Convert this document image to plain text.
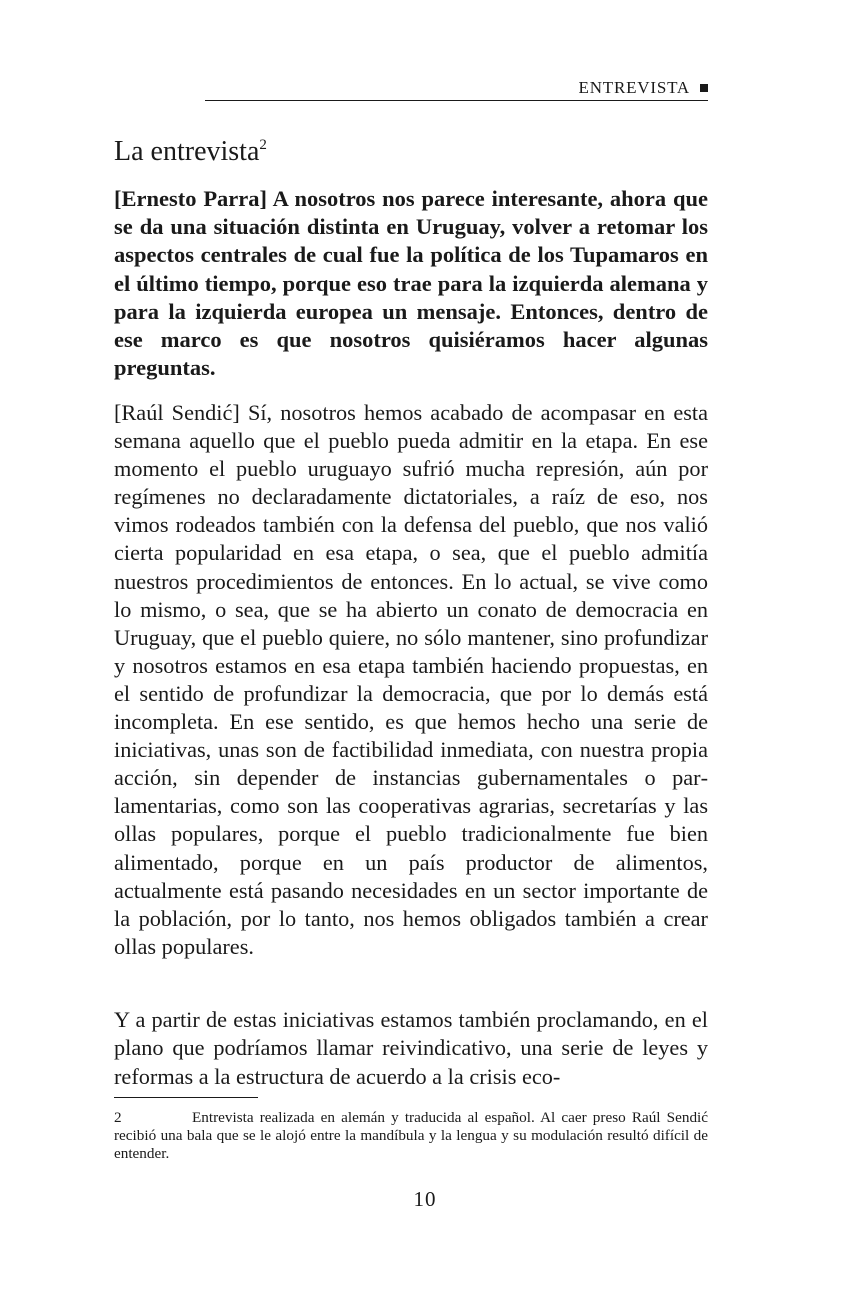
ENTREVISTA
La entrevista$^2$

[Ernesto Parra] A nosotros nos parece interesante, ahora que se da una situación distinta en Uruguay, volver a retomar los aspectos centrales de cual fue la política de los Tupamaros en el último tiempo, porque eso trae para la izquierda alemana y para la izquierda europea un mensaje. Entonces, dentro de ese marco es que nosotros quisiéramos hacer algunas preguntas.

[Raúl Sendić] Sí, nosotros hemos acabado de acompasar en esta semana aquello que el pueblo pueda admitir en la etapa. En ese momento el pueblo uruguayo sufrió mucha represión, aún por regímenes no declaradamente dictatoriales, a raíz de eso, nos vimos rodeados también con la defensa del pueblo, que nos valió cierta popularidad en esa etapa, o sea, que el pueblo admitía nuestros procedimientos de entonces. En lo actual, se vive como lo mismo, o sea, que se ha abierto un conato de democracia en Uruguay, que el pueblo quiere, no sólo mantener, sino profundizar y nosotros estamos en esa etapa también haciendo propuestas, en el sentido de profundizar la democracia, que por lo demás está incompleta. En ese sentido, es que hemos hecho una serie de iniciativas, unas son de factibilidad inmediata, con nuestra propia acción, sin depender de instancias gubernamentales o parlamentarias, como son las cooperativas agrarias, secretarías y las ollas populares, porque el pueblo tradicionalmente fue bien alimentado, porque en un país productor de alimentos, actualmente está pasando necesidades en un sector importante de la población, por lo tanto, nos hemos obligados también a crear ollas populares.

Y a partir de estas iniciativas estamos también proclamando, en el plano que podríamos llamar reivindicativo, una serie de leyes y reformas a la estructura de acuerdo a la crisis eco-

2	Entrevista realizada en alemán y traducida al español. Al caer preso Raúl Sendić recibió una bala que se le alojó entre la mandíbula y la lengua y su modulación resultó difícil de entender.

10
